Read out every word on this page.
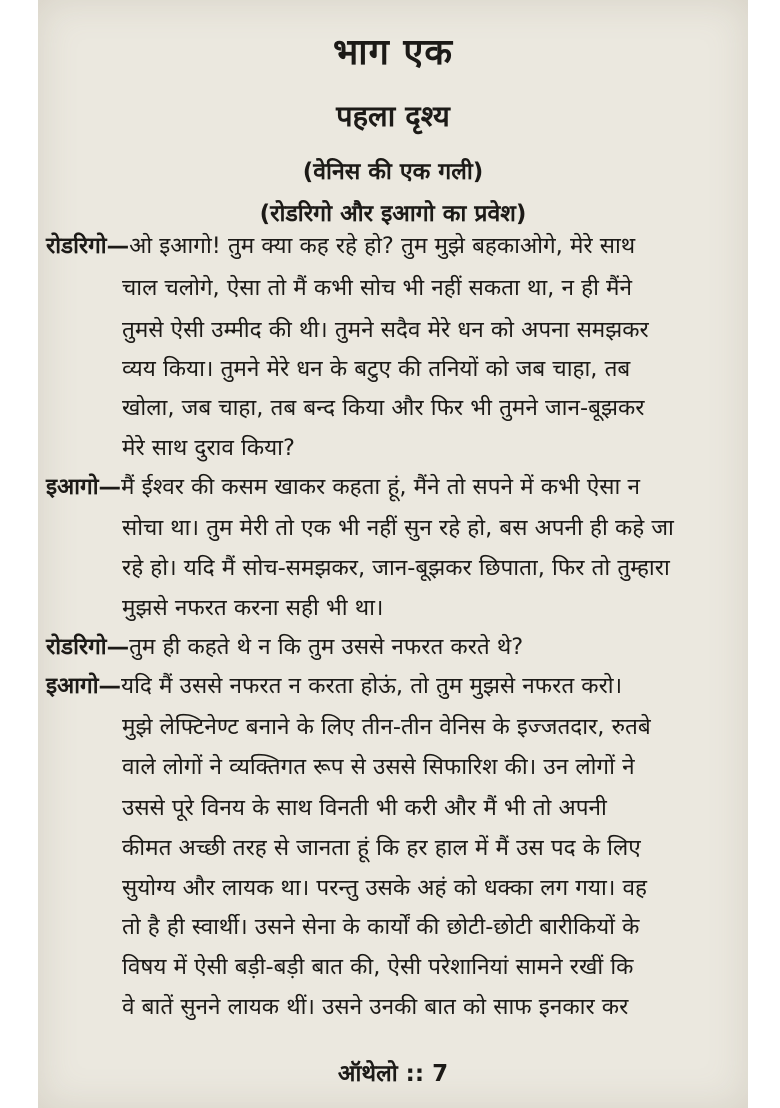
भाग एक
पहला दृश्य
(वेनिस की एक गली)
(रोडरिगो और इआगो का प्रवेश)
रोडरिगो—ओ इआगो! तुम क्या कह रहे हो? तुम मुझे बहकाओगे, मेरे साथ
चाल चलोगे, ऐसा तो मैं कभी सोच भी नहीं सकता था, न ही मैंने
तुमसे ऐसी उम्मीद की थी। तुमने सदैव मेरे धन को अपना समझकर
व्यय किया। तुमने मेरे धन के बटुए की तनियों को जब चाहा, तब
खोला, जब चाहा, तब बन्द किया और फिर भी तुमने जान-बूझकर
मेरे साथ दुराव किया?
इआगो—मैं ईश्वर की कसम खाकर कहता हूं, मैंने तो सपने में कभी ऐसा न
सोचा था। तुम मेरी तो एक भी नहीं सुन रहे हो, बस अपनी ही कहे जा
रहे हो। यदि मैं सोच-समझकर, जान-बूझकर छिपाता, फिर तो तुम्हारा
मुझसे नफरत करना सही भी था।
रोडरिगो—तुम ही कहते थे न कि तुम उससे नफरत करते थे?
इआगो—यदि मैं उससे नफरत न करता होऊं, तो तुम मुझसे नफरत करो।
मुझे लेफ्टिनेण्ट बनाने के लिए तीन-तीन वेनिस के इज्जतदार, रुतबे
वाले लोगों ने व्यक्तिगत रूप से उससे सिफारिश की। उन लोगों ने
उससे पूरे विनय के साथ विनती भी करी और मैं भी तो अपनी
कीमत अच्छी तरह से जानता हूं कि हर हाल में मैं उस पद के लिए
सुयोग्य और लायक था। परन्तु उसके अहं को धक्का लग गया। वह
तो है ही स्वार्थी। उसने सेना के कार्यों की छोटी-छोटी बारीकियों के
विषय में ऐसी बड़ी-बड़ी बात की, ऐसी परेशानियां सामने रखीं कि
वे बातें सुनने लायक थीं। उसने उनकी बात को साफ इनकार कर
ऑथेलो :: 7
